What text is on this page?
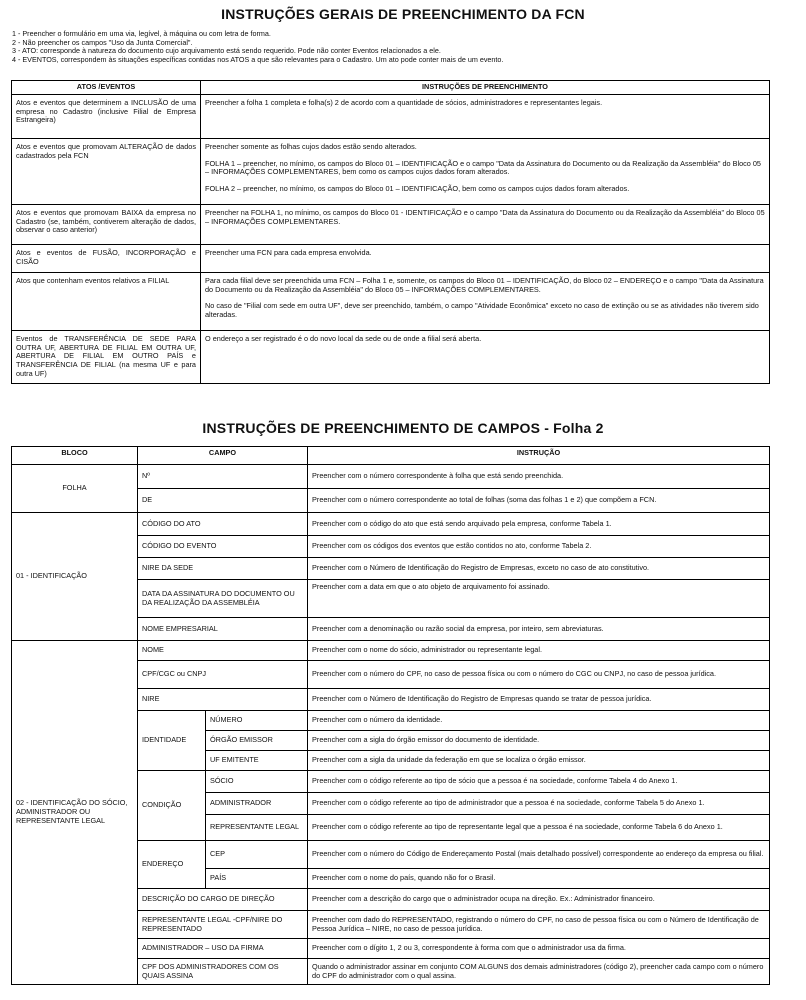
INSTRUÇÕES GERAIS DE PREENCHIMENTO DA FCN
1 - Preencher o formulário em uma via, legível, à máquina ou com letra de forma.
2 - Não preencher os campos "Uso da Junta Comercial".
3 - ATO: corresponde à natureza do documento cujo arquivamento está sendo requerido. Pode não conter Eventos relacionados a ele.
4 - EVENTOS, correspondem às situações específicas contidas nos ATOS a que são relevantes para o Cadastro. Um ato pode conter mais de um evento.
ATOS /EVENTOS	INSTRUÇÕES DE PREENCHIMENTO
Atos e eventos que determinem a INCLUSÃO de uma empresa no Cadastro (inclusive Filial de Empresa Estrangeira)	Preencher a folha 1 completa e folha(s) 2 de acordo com a quantidade de sócios, administradores e representantes legais.

Atos e eventos que promovam ALTERAÇÃO de dados cadastrados pela FCN	Preencher somente as folhas cujos dados estão sendo alterados.

FOLHA 1 – preencher, no mínimo, os campos do Bloco 01 – IDENTIFICAÇÃO e o campo "Data da Assinatura do Documento ou da Realização da Assembléia" do Bloco 05 – INFORMAÇÕES COMPLEMENTARES, bem como os campos cujos dados foram alterados.

FOLHA 2 – preencher, no mínimo, os campos do Bloco 01 – IDENTIFICAÇÃO, bem como os campos cujos dados foram alterados.

Atos e eventos que promovam BAIXA da empresa no Cadastro (se, também, contiverem alteração de dados, observar o caso anterior)	Preencher na FOLHA 1, no mínimo, os campos do Bloco 01 - IDENTIFICAÇÃO e o campo "Data da Assinatura do Documento ou da Realização da Assembléia" do Bloco 05 – INFORMAÇÕES COMPLEMENTARES.

Atos e eventos de FUSÃO, INCORPORAÇÃO e CISÃO	Preencher uma FCN para cada empresa envolvida.

Atos que contenham eventos relativos a FILIAL	Para cada filial deve ser preenchida uma FCN – Folha 1 e, somente, os campos do Bloco 01 – IDENTIFICAÇÃO, do Bloco 02 – ENDEREÇO e o campo "Data da Assinatura do Documento ou da Realização da Assembléia" do Bloco 05 – INFORMAÇÕES COMPLEMENTARES.

No caso de "Filial com sede em outra UF", deve ser preenchido, também, o campo "Atividade Econômica" exceto no caso de extinção ou se as atividades não tiverem sido alteradas.

Eventos de TRANSFERÊNCIA DE SEDE PARA OUTRA UF, ABERTURA DE FILIAL EM OUTRA UF, ABERTURA DE FILIAL EM OUTRO PAÍS e TRANSFERÊNCIA DE FILIAL (na mesma UF e para outra UF)	O endereço a ser registrado é o do novo local da sede ou de onde a filial será aberta.

INSTRUÇÕES DE PREENCHIMENTO DE CAMPOS - Folha 2
BLOCO	CAMPO		INSTRUÇÃO
FOLHA	Nº		Preencher com o número correspondente à folha que está sendo preenchida.
	DE		Preencher com o número correspondente ao total de folhas (soma das folhas 1 e 2) que compõem a FCN.
01 - IDENTIFICAÇÃO	CÓDIGO DO ATO		Preencher com o código do ato que está sendo arquivado pela empresa, conforme Tabela 1.
	CÓDIGO DO EVENTO		Preencher com os códigos dos eventos que estão contidos no ato, conforme Tabela 2.
	NIRE DA SEDE		Preencher com o Número de Identificação do Registro de Empresas, exceto no caso de ato constitutivo.
	DATA DA ASSINATURA DO DOCUMENTO OU DA REALIZAÇÃO DA ASSEMBLÉIA		Preencher com a data em que o ato objeto de arquivamento foi assinado.
	NOME EMPRESARIAL		Preencher com a denominação ou razão social da empresa, por inteiro, sem abreviaturas.
02 - IDENTIFICAÇÃO DO SÓCIO, ADMINISTRADOR OU REPRESENTANTE LEGAL	NOME		Preencher com o nome do sócio, administrador ou representante legal.
	CPF/CGC ou CNPJ		Preencher com o número do CPF, no caso de pessoa física ou com o número do CGC ou CNPJ, no caso de pessoa jurídica.
	NIRE		Preencher com o Número de Identificação do Registro de Empresas quando se tratar de pessoa jurídica.
	IDENTIDADE	NÚMERO	Preencher com o número da identidade.
		ÓRGÃO EMISSOR	Preencher com a sigla do órgão emissor do documento de identidade.
		UF EMITENTE	Preencher com a sigla da unidade da federação em que se localiza o órgão emissor.
	CONDIÇÃO	SÓCIO	Preencher com o código referente ao tipo de sócio que a pessoa é na sociedade, conforme Tabela 4 do Anexo 1.
		ADMINISTRADOR	Preencher com o código referente ao tipo de administrador que a pessoa é na sociedade, conforme Tabela 5 do Anexo 1.
		REPRESENTANTE LEGAL	Preencher com o código referente ao tipo de representante legal que a pessoa é na sociedade, conforme Tabela 6 do Anexo 1.
	ENDEREÇO	CEP	Preencher com o número do Código de Endereçamento Postal (mais detalhado possível) correspondente ao endereço da empresa ou filial.
		PAÍS	Preencher com o nome do país, quando não for o Brasil.
	DESCRIÇÃO DO CARGO DE DIREÇÃO		Preencher com a descrição do cargo que o administrador ocupa na direção. Ex.: Administrador financeiro.
	REPRESENTANTE LEGAL -CPF/NIRE DO REPRESENTADO		Preencher com dado do REPRESENTADO, registrando o número do CPF, no caso de pessoa física ou com o Número de Identificação de Pessoa Jurídica – NIRE, no caso de pessoa jurídica.
	ADMINISTRADOR – USO DA FIRMA		Preencher com o dígito 1, 2 ou 3, correspondente à forma com que o administrador usa da firma.
	CPF DOS ADMINISTRADORES COM OS QUAIS ASSINA		Quando o administrador assinar em conjunto COM ALGUNS dos demais administradores (código 2), preencher cada campo com o número do CPF do administrador com o qual assina.
